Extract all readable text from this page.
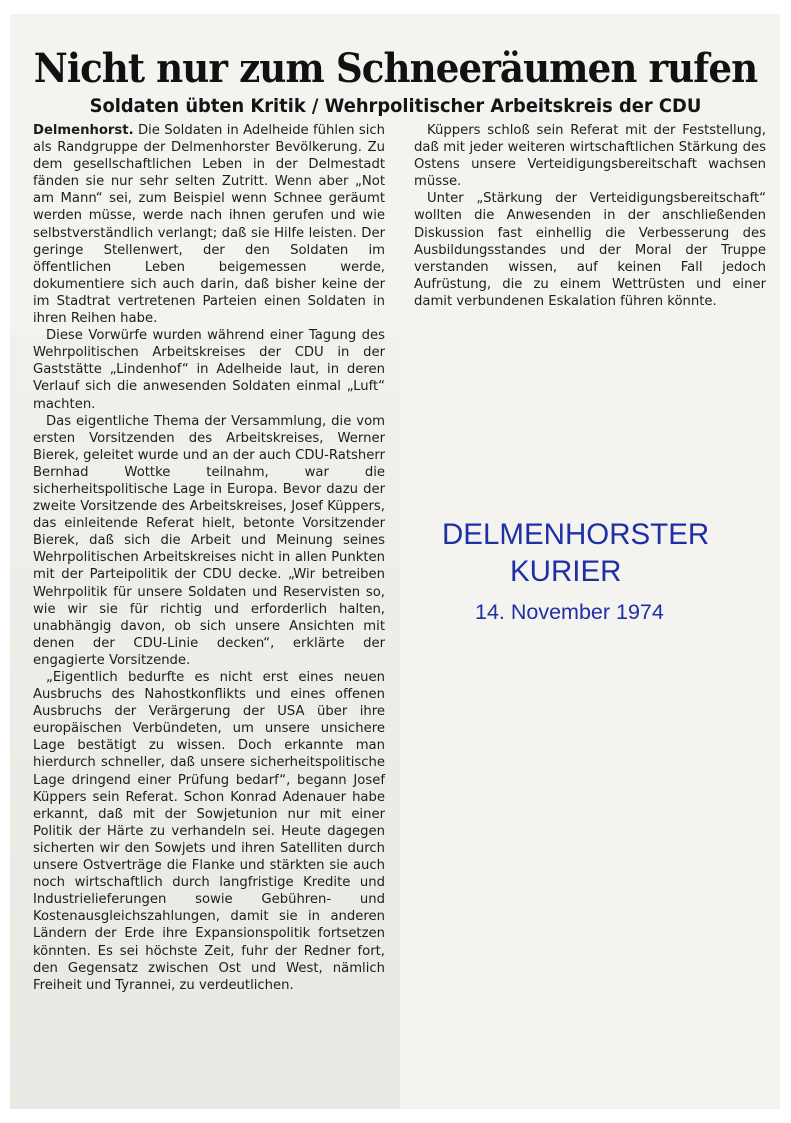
Nicht nur zum Schneeräumen rufen
Soldaten übten Kritik / Wehrpolitischer Arbeitskreis der CDU

Delmenhorst. Die Soldaten in Adelheide fühlen sich als Randgruppe der Delmenhorster Bevölkerung. Zu dem gesellschaftlichen Leben in der Delmestadt fänden sie nur sehr selten Zutritt. Wenn aber „Not am Mann“ sei, zum Beispiel wenn Schnee geräumt werden müsse, werde nach ihnen gerufen und wie selbstverständlich verlangt; daß sie Hilfe leisten. Der geringe Stellenwert, der den Soldaten im öffentlichen Leben beigemessen werde, dokumentiere sich auch darin, daß bisher keine der im Stadtrat vertretenen Parteien einen Soldaten in ihren Reihen habe.

Diese Vorwürfe wurden während einer Tagung des Wehrpolitischen Arbeitskreises der CDU in der Gaststätte „Lindenhof“ in Adelheide laut, in deren Verlauf sich die anwesenden Soldaten einmal „Luft“ machten.

Das eigentliche Thema der Versammlung, die vom ersten Vorsitzenden des Arbeitskreises, Werner Bierek, geleitet wurde und an der auch CDU-Ratsherr Bernhad Wottke teilnahm, war die sicherheitspolitische Lage in Europa. Bevor dazu der zweite Vorsitzende des Arbeitskreises, Josef Küppers, das einleitende Referat hielt, betonte Vorsitzender Bierek, daß sich die Arbeit und Meinung seines Wehrpolitischen Arbeitskreises nicht in allen Punkten mit der Parteipolitik der CDU decke. „Wir betreiben Wehrpolitik für unsere Soldaten und Reservisten so, wie wir sie für richtig und erforderlich halten, unabhängig davon, ob sich unsere Ansichten mit denen der CDU-Linie decken“, erklärte der engagierte Vorsitzende.

„Eigentlich bedurfte es nicht erst eines neuen Ausbruchs des Nahostkonflikts und eines offenen Ausbruchs der Verärgerung der USA über ihre europäischen Verbündeten, um unsere unsichere Lage bestätigt zu wissen. Doch erkannte man hierdurch schneller, daß unsere sicherheitspolitische Lage dringend einer Prüfung bedarf“, begann Josef Küppers sein Referat. Schon Konrad Adenauer habe erkannt, daß mit der Sowjetunion nur mit einer Politik der Härte zu verhandeln sei. Heute dagegen sicherten wir den Sowjets und ihren Satelliten durch unsere Ostverträge die Flanke und stärkten sie auch noch wirtschaftlich durch langfristige Kredite und Industrielieferungen sowie Gebühren- und Kostenausgleichszahlungen, damit sie in anderen Ländern der Erde ihre Expansionspolitik fortsetzen könnten. Es sei höchste Zeit, fuhr der Redner fort, den Gegensatz zwischen Ost und West, nämlich Freiheit und Tyrannei, zu verdeutlichen.

Küppers schloß sein Referat mit der Feststellung, daß mit jeder weiteren wirtschaftlichen Stärkung des Ostens unsere Verteidigungsbereitschaft wachsen müsse.

Unter „Stärkung der Verteidigungsbereitschaft“ wollten die Anwesenden in der anschließenden Diskussion fast einhellig die Verbesserung des Ausbildungsstandes und der Moral der Truppe verstanden wissen, auf keinen Fall jedoch Aufrüstung, die zu einem Wettrüsten und einer damit verbundenen Eskalation führen könnte.

DELMENHORSTER
KURIER
14. November 1974
